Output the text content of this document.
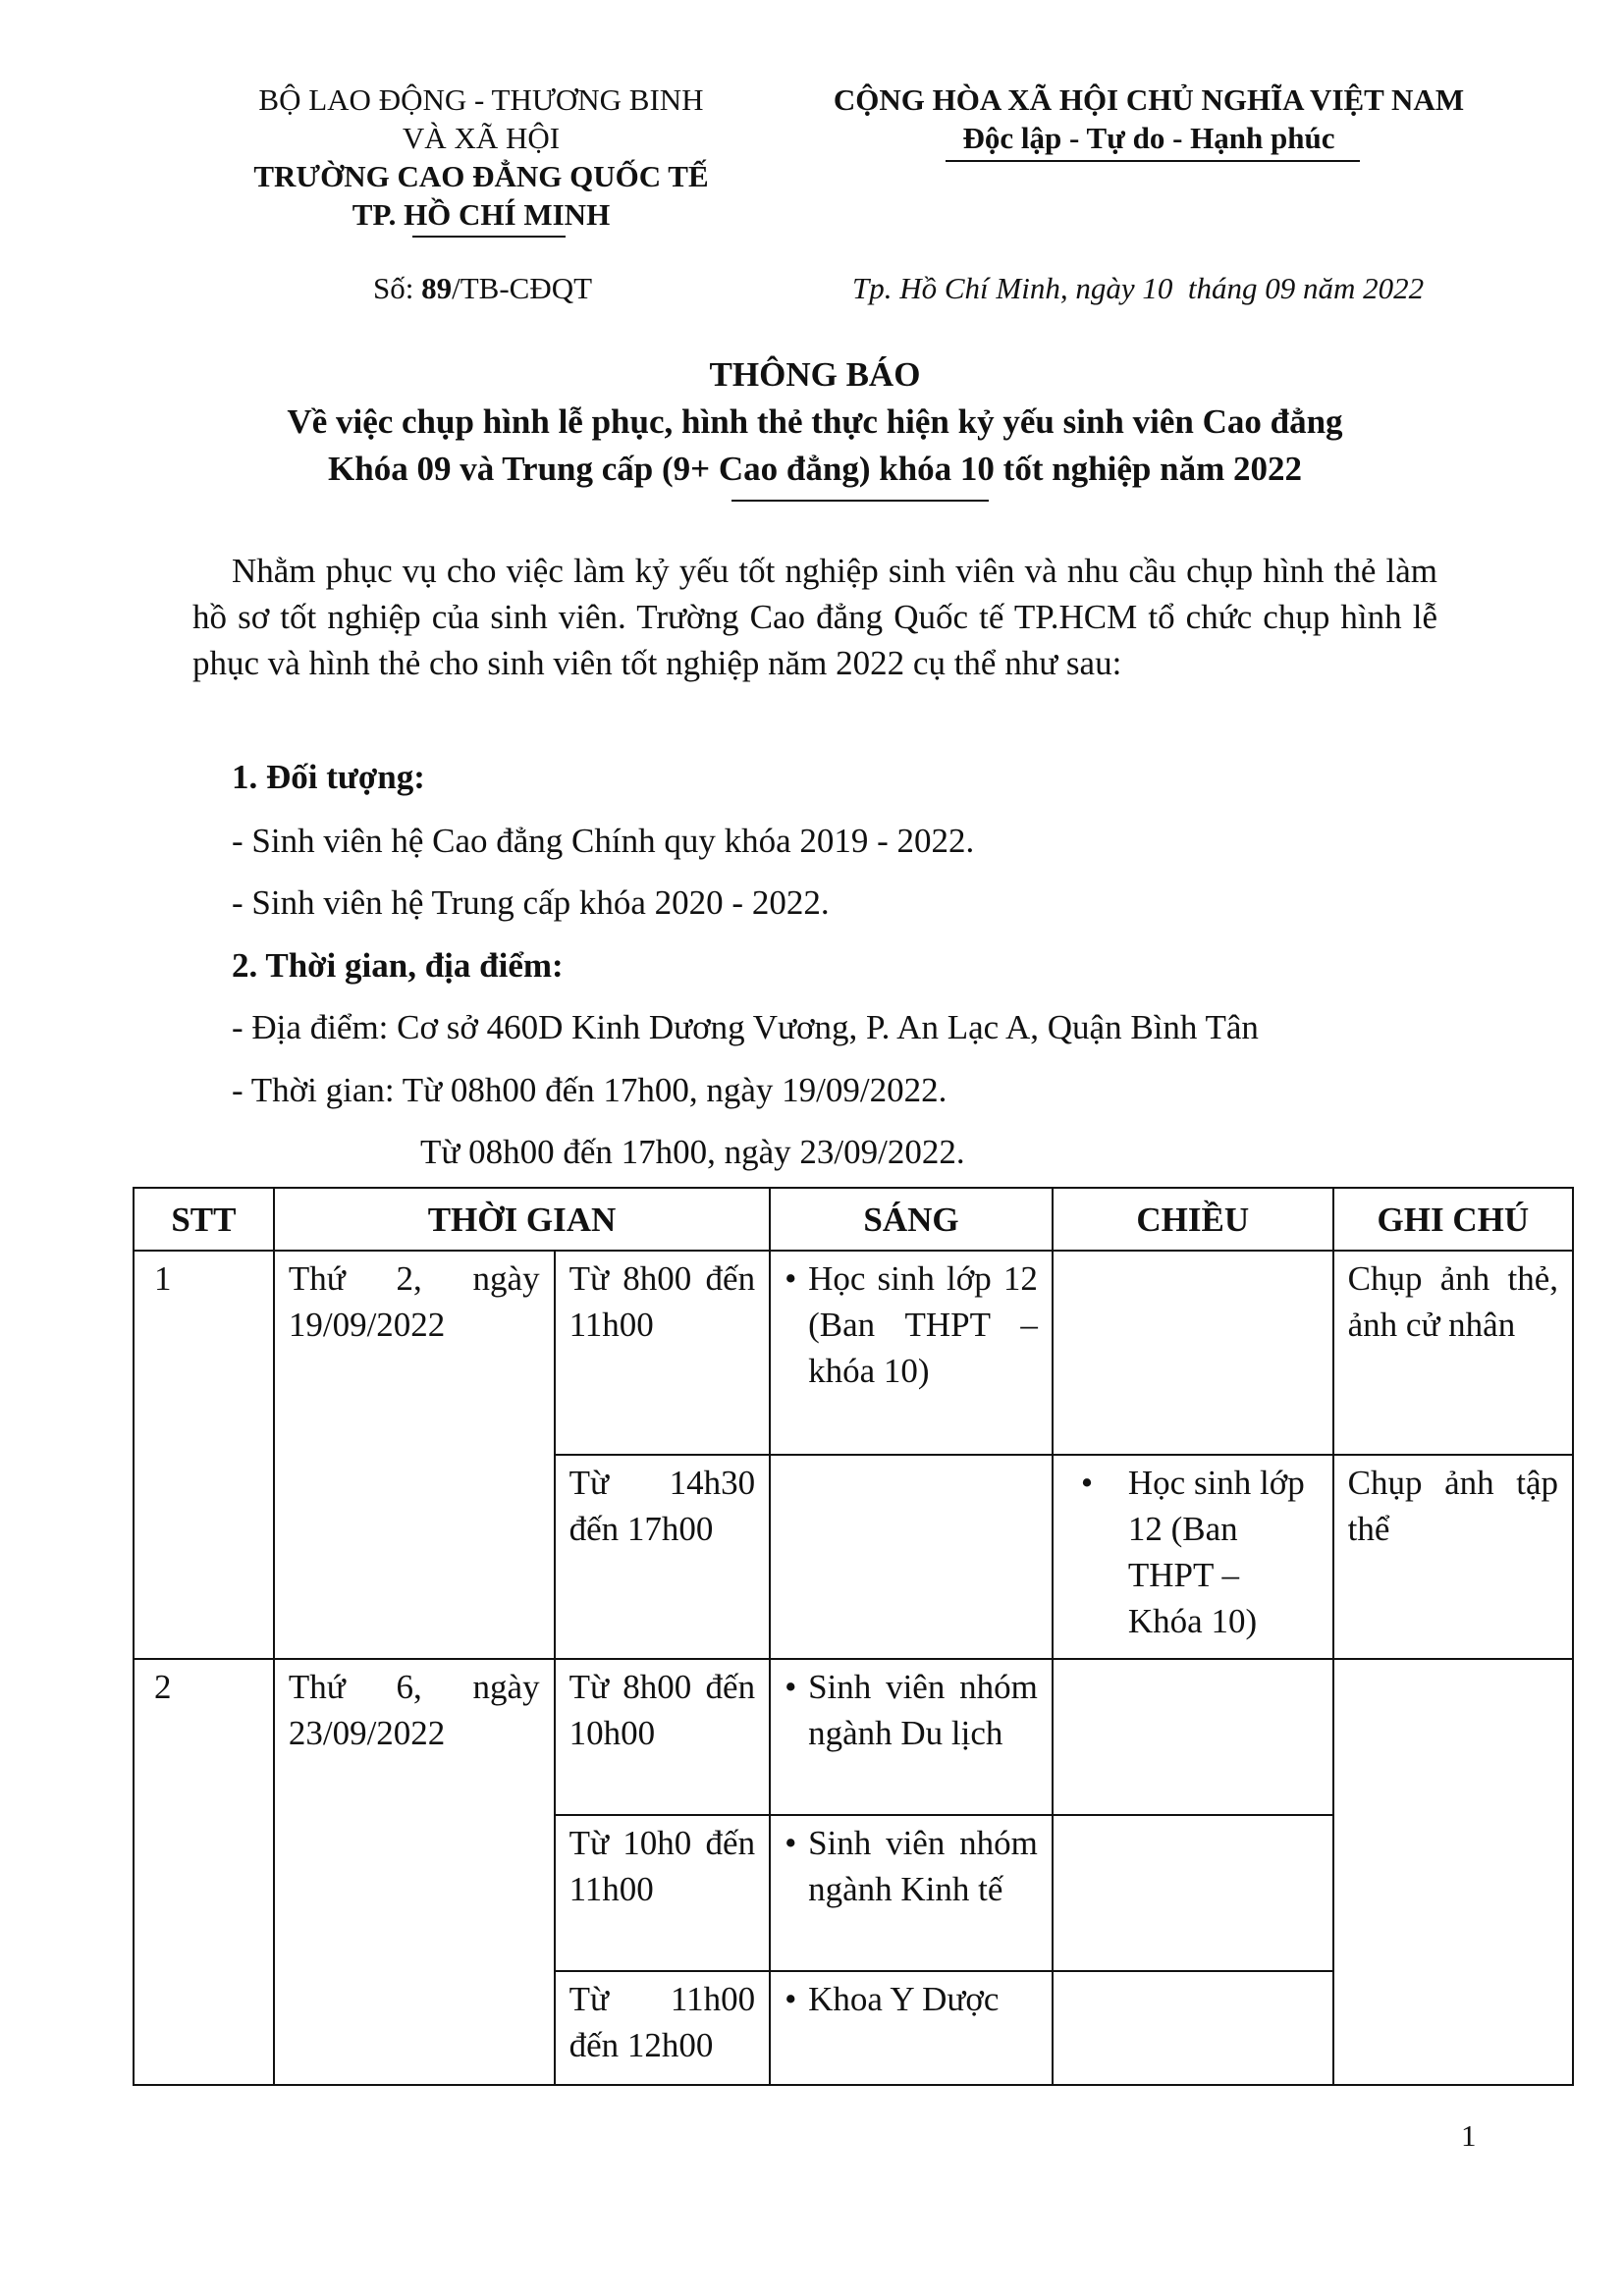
BỘ LAO ĐỘNG - THƯƠNG BINH
VÀ XÃ HỘI
TRƯỜNG CAO ĐẲNG QUỐC TẾ
TP. HỒ CHÍ MINH
CỘNG HÒA XÃ HỘI CHỦ NGHĨA VIỆT NAM
Độc lập - Tự do - Hạnh phúc
Số: 89/TB-CĐQT	Tp. Hồ Chí Minh, ngày 10  tháng 09 năm 2022
THÔNG BÁO
Về việc chụp hình lễ phục, hình thẻ thực hiện kỷ yếu sinh viên Cao đẳng
Khóa 09 và Trung cấp (9+ Cao đẳng) khóa 10 tốt nghiệp năm 2022
Nhằm phục vụ cho việc làm kỷ yếu tốt nghiệp sinh viên và nhu cầu chụp hình thẻ làm hồ sơ tốt nghiệp của sinh viên. Trường Cao đẳng Quốc tế TP.HCM tổ chức chụp hình lễ phục và hình thẻ cho sinh viên tốt nghiệp năm 2022 cụ thể như sau:
1. Đối tượng:
- Sinh viên hệ Cao đẳng Chính quy khóa 2019 - 2022.
- Sinh viên hệ Trung cấp khóa 2020 - 2022.
2. Thời gian, địa điểm:
- Địa điểm: Cơ sở 460D Kinh Dương Vương, P. An Lạc A, Quận Bình Tân
- Thời gian: Từ 08h00 đến 17h00, ngày 19/09/2022.
Từ 08h00 đến 17h00, ngày 23/09/2022.
STT	THỜI GIAN		SÁNG	CHIỀU	GHI CHÚ
1	Thứ 2, ngày 19/09/2022	Từ 8h00 đến 11h00	• Học sinh lớp 12 (Ban THPT – khóa 10)		Chụp ảnh thẻ, ảnh cử nhân
		Từ 14h30 đến 17h00		• Học sinh lớp 12 (Ban THPT – Khóa 10)	Chụp ảnh tập thể
2	Thứ 6, ngày 23/09/2022	Từ 8h00 đến 10h00	• Sinh viên nhóm ngành Du lịch

		Từ 10h0 đến 11h00	• Sinh viên nhóm ngành Kinh tế

		Từ 11h00 đến 12h00	• Khoa Y Dược

1
